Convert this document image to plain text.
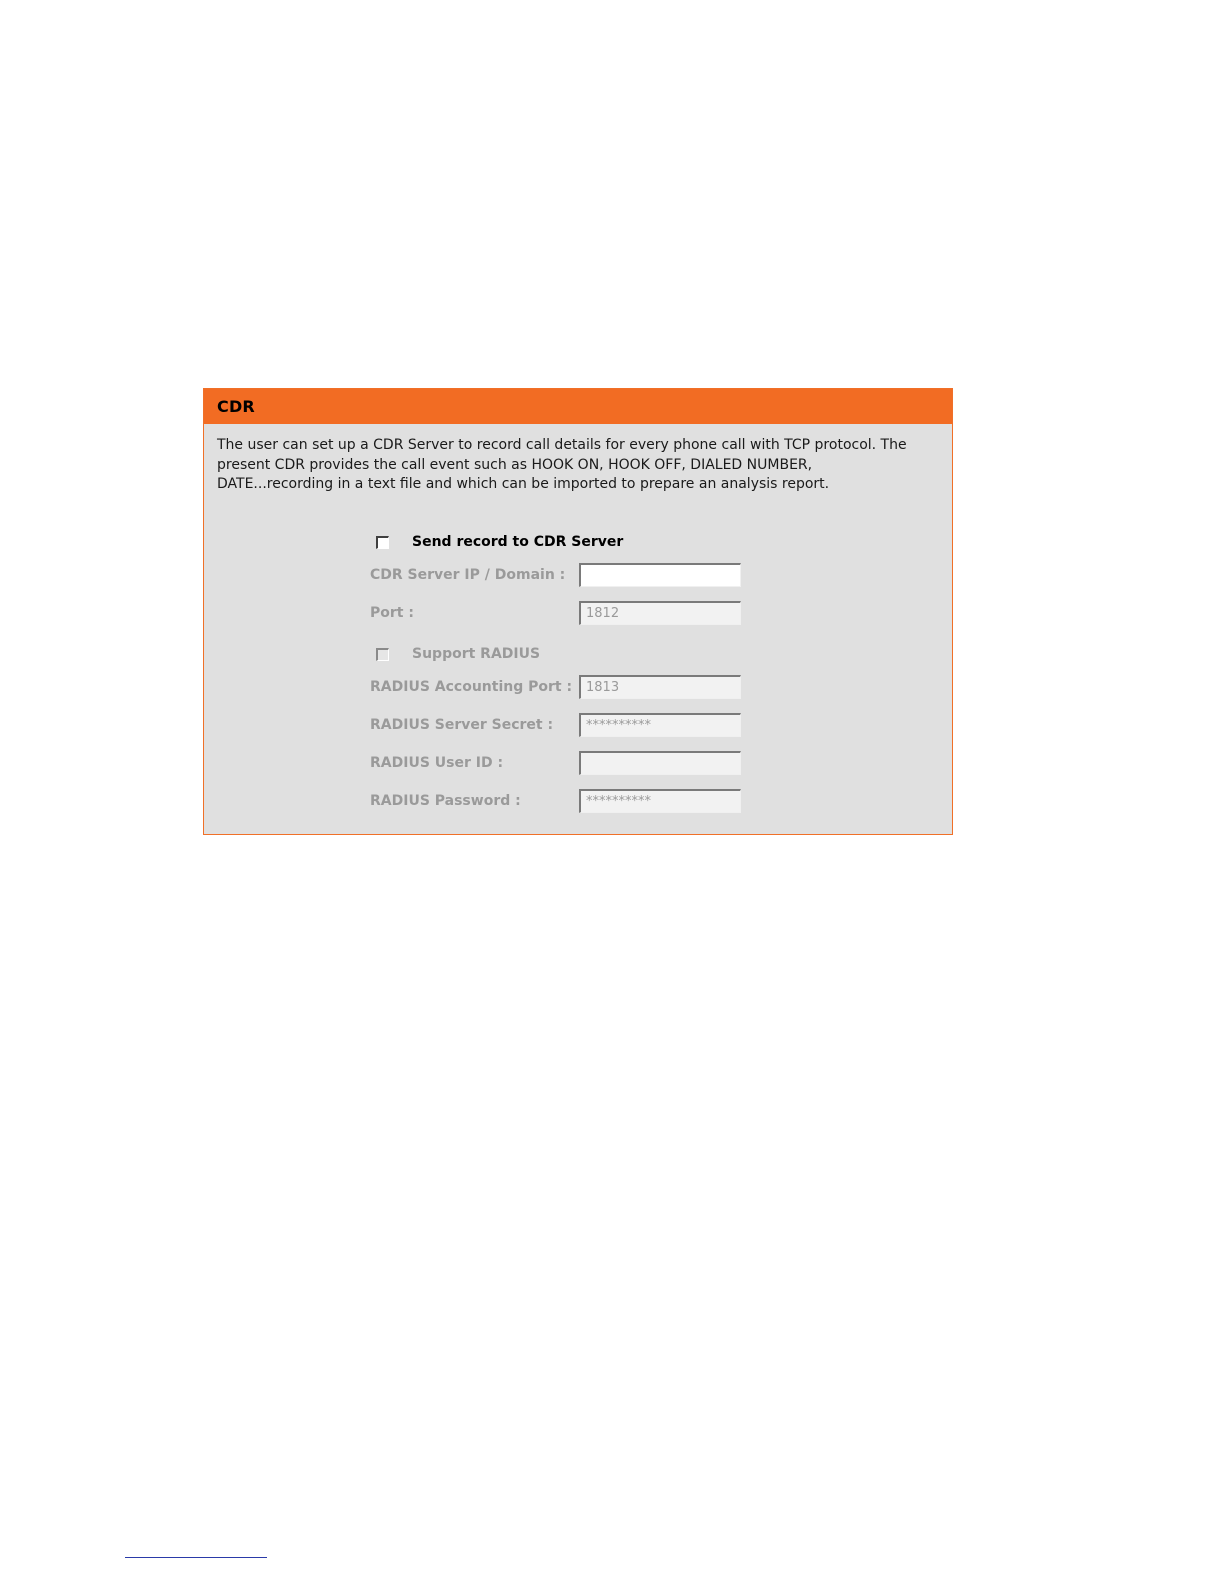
CDR

The user can set up a CDR Server to record call details for every phone call with TCP protocol. The present CDR provides the call event such as HOOK ON, HOOK OFF, DIALED NUMBER, DATE...recording in a text file and which can be imported to prepare an analysis report.

Send record to CDR Server
CDR Server IP / Domain :
Port :
1812
Support RADIUS
RADIUS Accounting Port :
1813
RADIUS Server Secret :
**********
RADIUS User ID :
RADIUS Password :
**********
